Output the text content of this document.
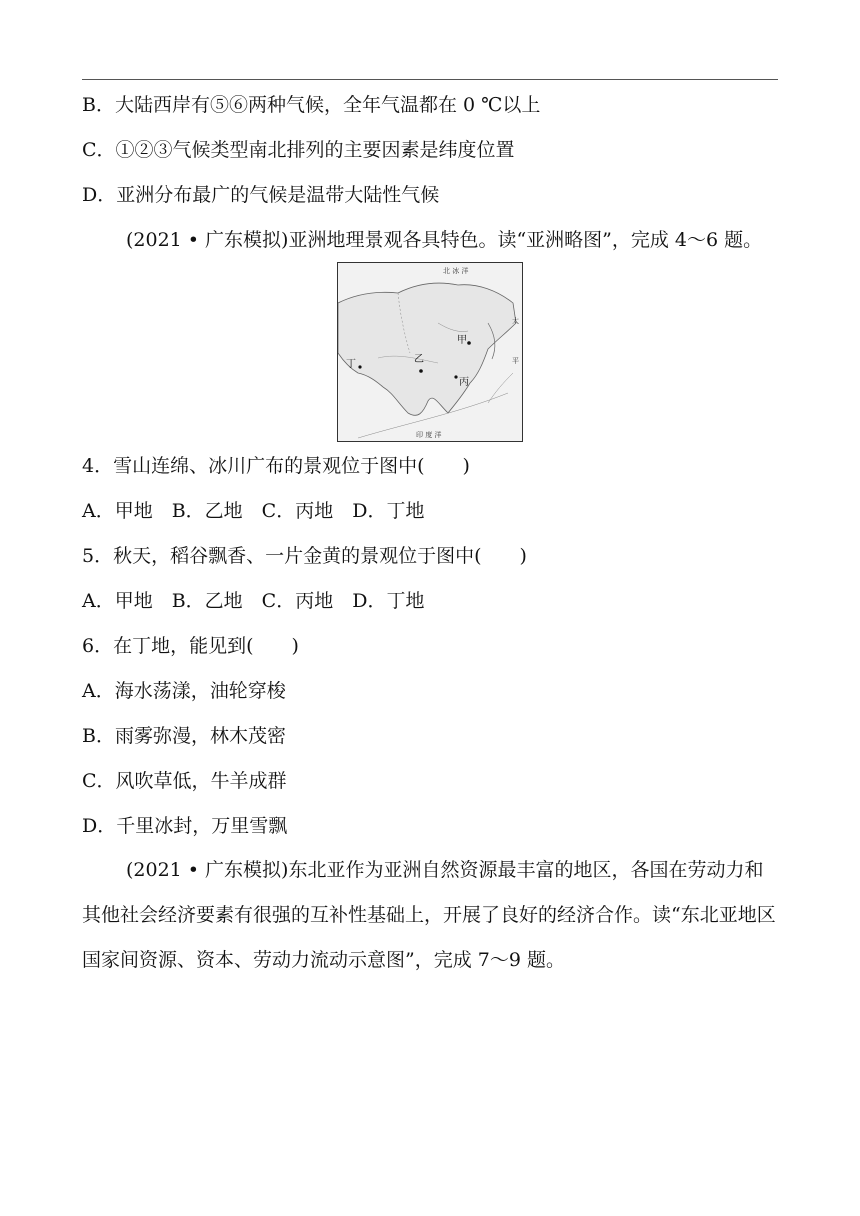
B．大陆西岸有⑤⑥两种气候，全年气温都在 0 ℃以上
C．①②③气候类型南北排列的主要因素是纬度位置
D．亚洲分布最广的气候是温带大陆性气候
(2021 • 广东模拟)亚洲地理景观各具特色。读“亚洲略图”，完成 4～6 题。
北 冰 洋
太
平
印 度 洋
甲
乙
丙
丁
4．雪山连绵、冰川广布的景观位于图中(　　)
A．甲地　B．乙地　C．丙地　D．丁地
5．秋天，稻谷飘香、一片金黄的景观位于图中(　　)
A．甲地　B．乙地　C．丙地　D．丁地
6．在丁地，能见到(　　)
A．海水荡漾，油轮穿梭
B．雨雾弥漫，林木茂密
C．风吹草低，牛羊成群
D．千里冰封，万里雪飘
(2021 • 广东模拟)东北亚作为亚洲自然资源最丰富的地区，各国在劳动力和其他社会经济要素有很强的互补性基础上，开展了良好的经济合作。读“东北亚地区国家间资源、资本、劳动力流动示意图”，完成 7～9 题。
